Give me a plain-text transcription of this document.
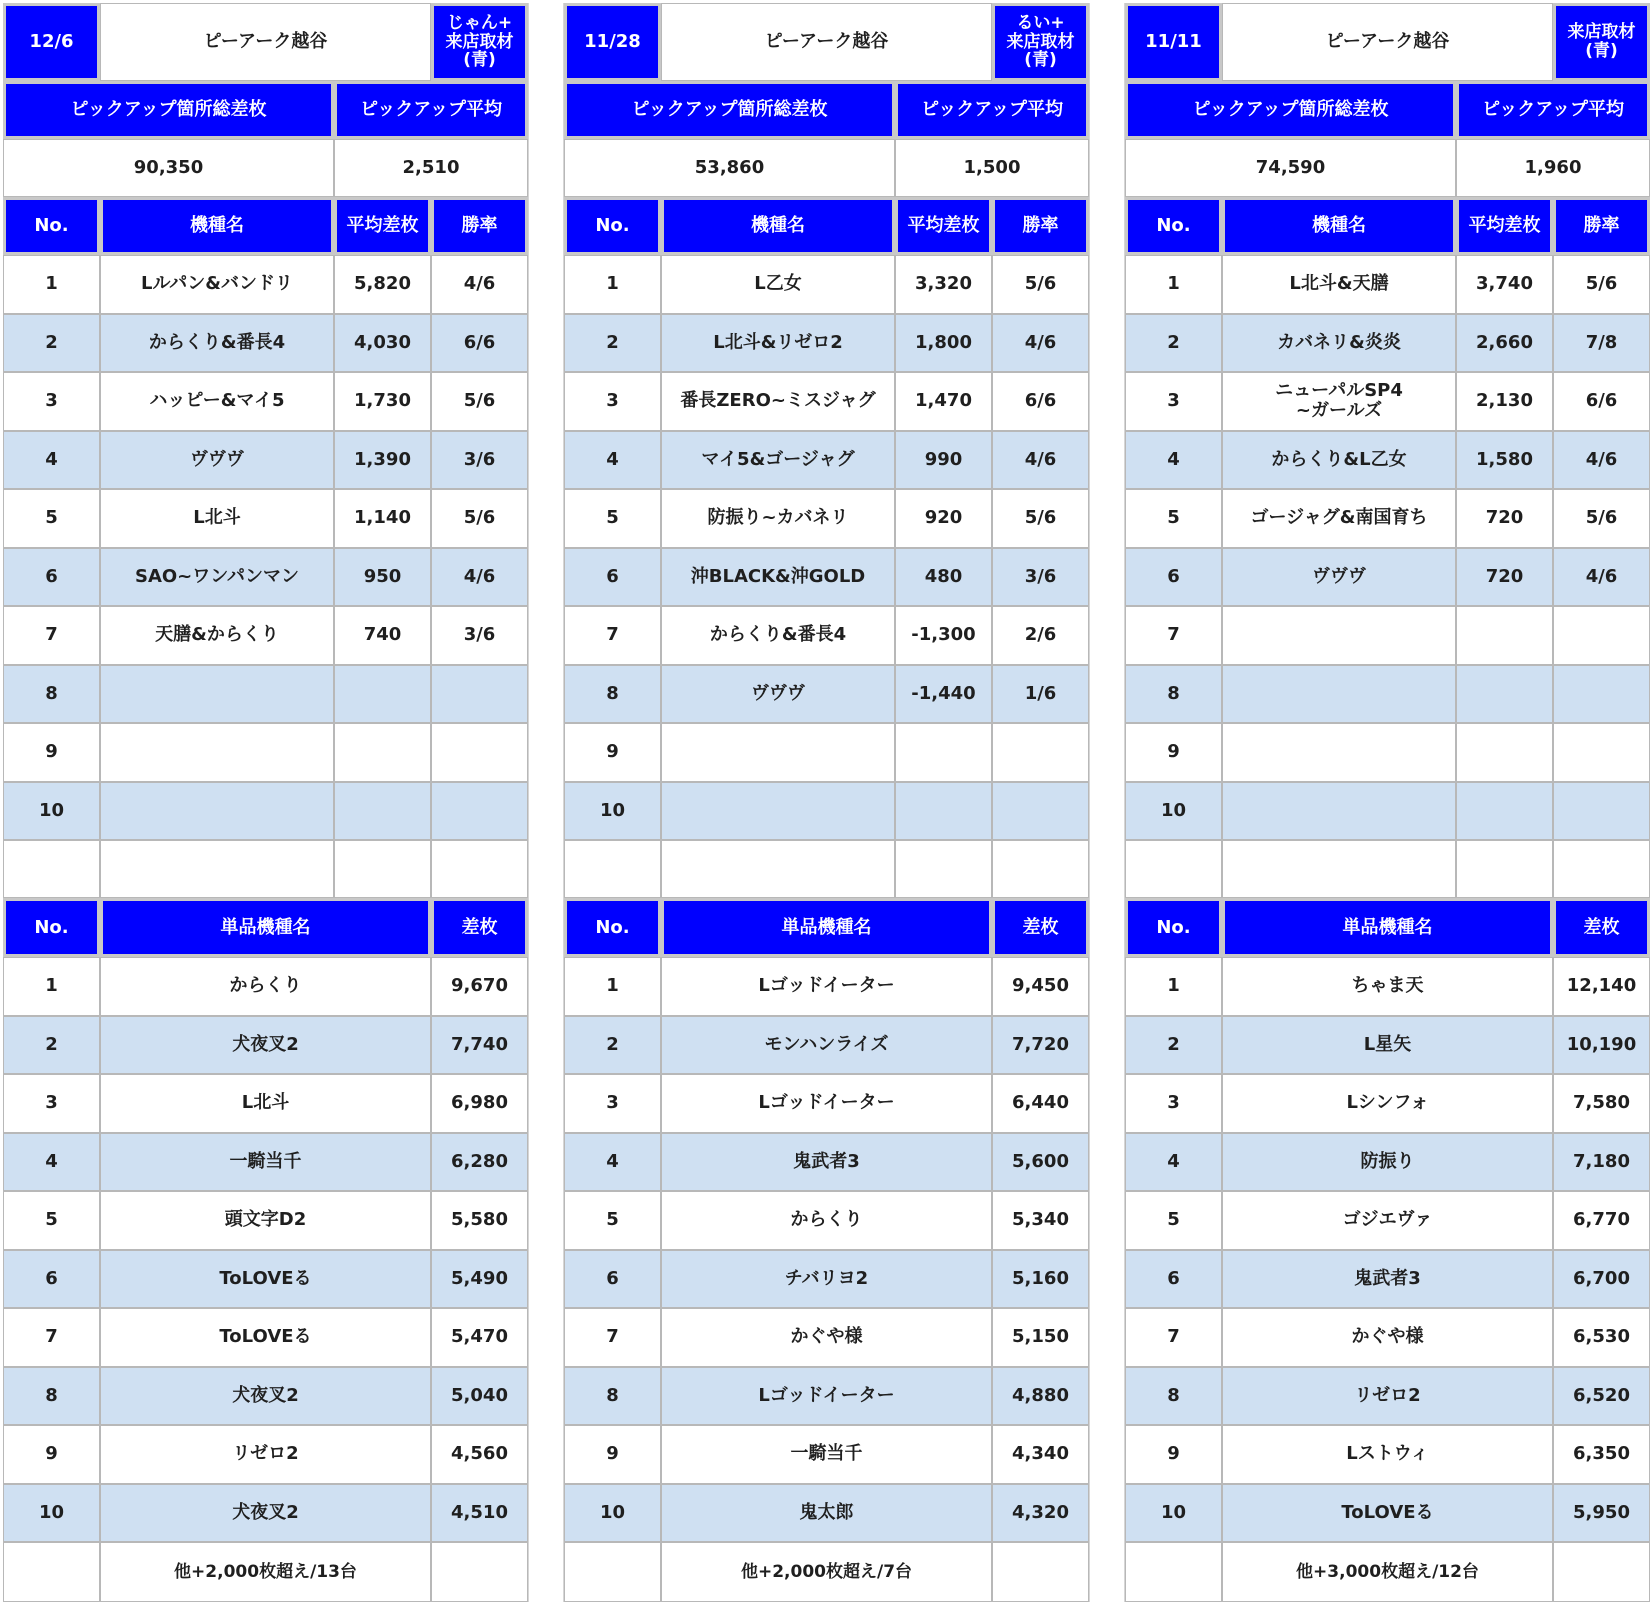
12/6	ピーアーク越谷
じゃん+
来店取材
(青)
ピックアップ箇所総差枚	ピックアップ平均
90,350	2,510
No.	機種名	平均差枚	勝率
1	Lルパン&バンドリ	5,820	4/6
2	からくり&番長4	4,030	6/6
3	ハッピー&マイ5	1,730	5/6
4	ヴヴヴ	1,390	3/6
5	L北斗	1,140	5/6
6	SAO~ワンパンマン	950	4/6
7	天膳&からくり	740	3/6
8
9
10
No.	単品機種名	差枚
1	からくり	9,670
2	犬夜叉2	7,740
3	L北斗	6,980
4	一騎当千	6,280
5	頭文字D2	5,580
6	ToLOVEる	5,490
7	ToLOVEる	5,470
8	犬夜叉2	5,040
9	リゼロ2	4,560
10	犬夜叉2	4,510
他+2,000枚超え/13台
11/28	ピーアーク越谷
るい+
来店取材
(青)
ピックアップ箇所総差枚	ピックアップ平均
53,860	1,500
No.	機種名	平均差枚	勝率
1	L乙女	3,320	5/6
2	L北斗&リゼロ2	1,800	4/6
3	番長ZERO~ミスジャグ	1,470	6/6
4	マイ5&ゴージャグ	990	4/6
5	防振り~カバネリ	920	5/6
6	沖BLACK&沖GOLD	480	3/6
7	からくり&番長4	-1,300	2/6
8	ヴヴヴ	-1,440	1/6
9
10
No.	単品機種名	差枚
1	Lゴッドイーター	9,450
2	モンハンライズ	7,720
3	Lゴッドイーター	6,440
4	鬼武者3	5,600
5	からくり	5,340
6	チバリヨ2	5,160
7	かぐや様	5,150
8	Lゴッドイーター	4,880
9	一騎当千	4,340
10	鬼太郎	4,320
他+2,000枚超え/7台
11/11	ピーアーク越谷	来店取材
(青)
ピックアップ箇所総差枚	ピックアップ平均
74,590	1,960
No.	機種名	平均差枚	勝率
1	L北斗&天膳	3,740	5/6
2	カバネリ&炎炎	2,660	7/8
3	ニューパルSP4
~ガールズ	2,130	6/6
4	からくり&L乙女	1,580	4/6
5	ゴージャグ&南国育ち	720	5/6
6	ヴヴヴ	720	4/6
7
8
9
10
No.	単品機種名	差枚
1	ちゃま天	12,140
2	L星矢	10,190
3	Lシンフォ	7,580
4	防振り	7,180
5	ゴジエヴァ	6,770
6	鬼武者3	6,700
7	かぐや様	6,530
8	リゼロ2	6,520
9	Lストウィ	6,350
10	ToLOVEる	5,950
他+3,000枚超え/12台
